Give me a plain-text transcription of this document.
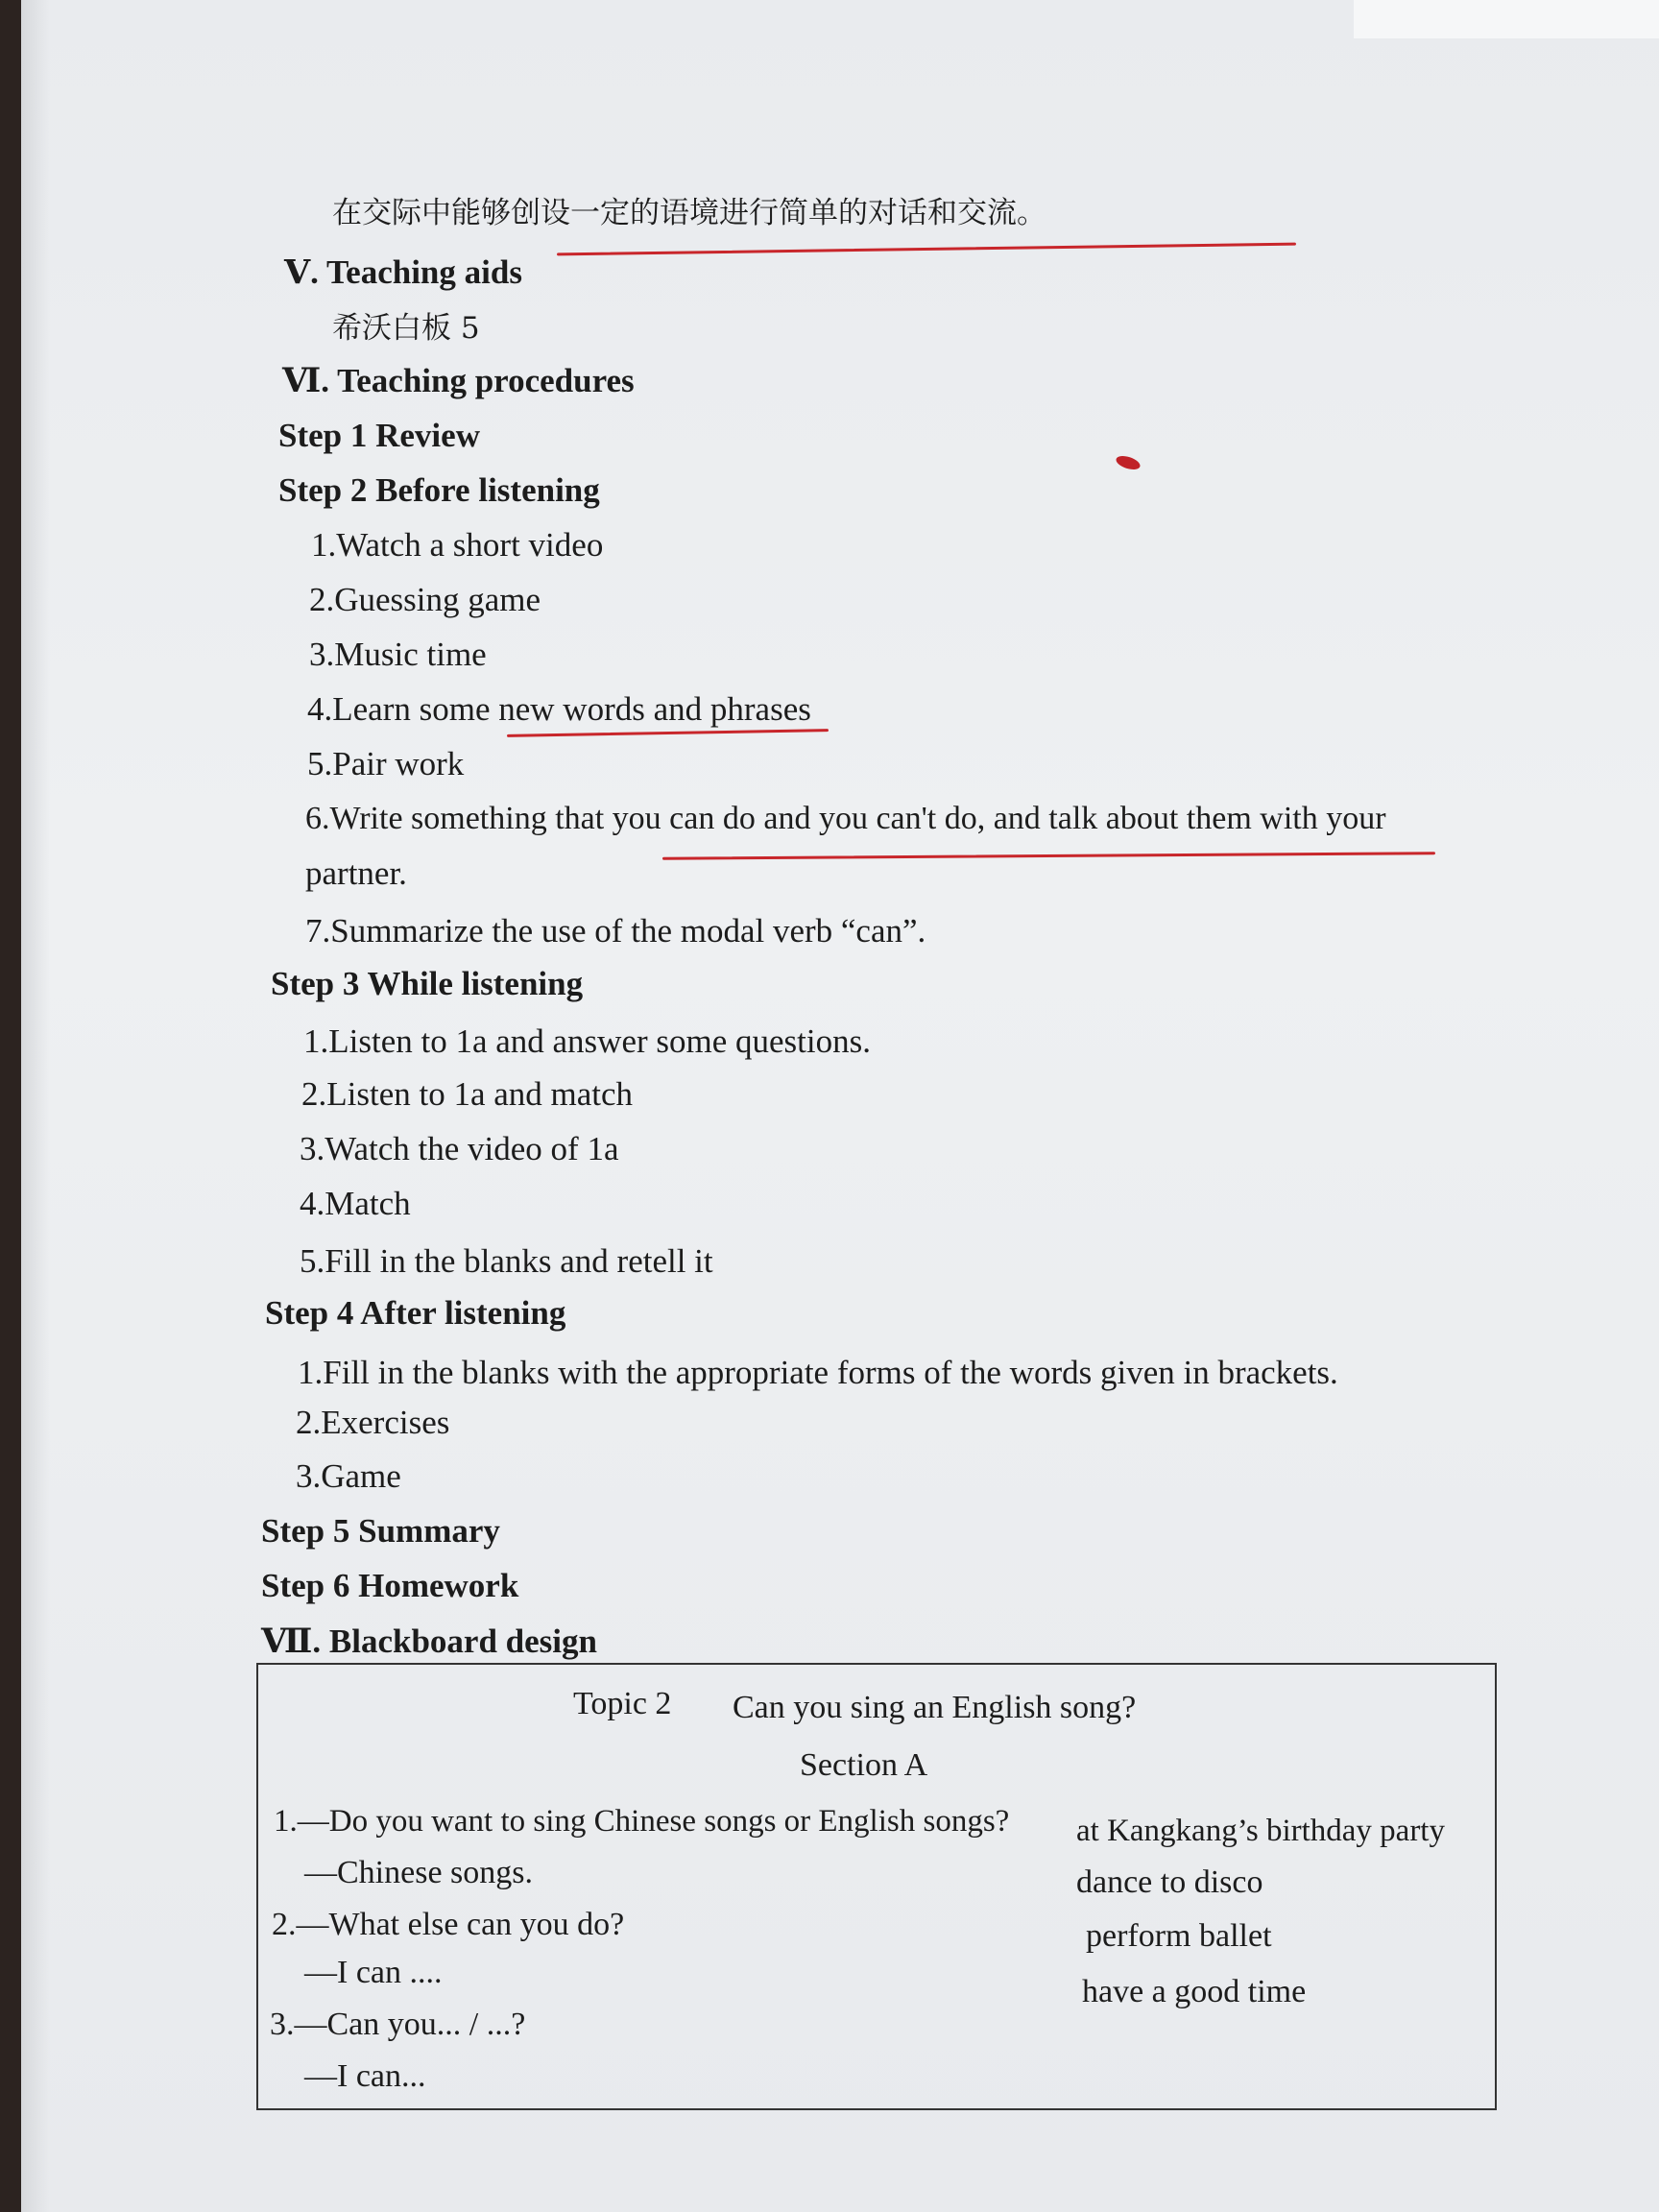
在交际中能够创设一定的语境进行简单的对话和交流。
Ⅴ. Teaching aids
希沃白板 5
Ⅵ. Teaching procedures
Step 1 Review
Step 2 Before listening
1.Watch a short video
2.Guessing game
3.Music time
4.Learn some new words and phrases
5.Pair work
6.Write something that you can do and you can't do, and talk about them with your
partner.
7.Summarize the use of the modal verb “can”.
Step 3 While listening
1.Listen to 1a and answer some questions.
2.Listen to 1a and match
3.Watch the video of 1a
4.Match
5.Fill in the blanks and retell it
Step 4 After listening
1.Fill in the blanks with the appropriate forms of the words given in brackets.
2.Exercises
3.Game
Step 5 Summary
Step 6 Homework
Ⅶ. Blackboard design
Topic 2 Can you sing an English song?
Section A
1.—Do you want to sing Chinese songs or English songs?
—Chinese songs.
2.—What else can you do?
—I can ....
3.—Can you... / ...?
—I can...
at Kangkang’s birthday party
dance to disco
perform ballet
have a good time
